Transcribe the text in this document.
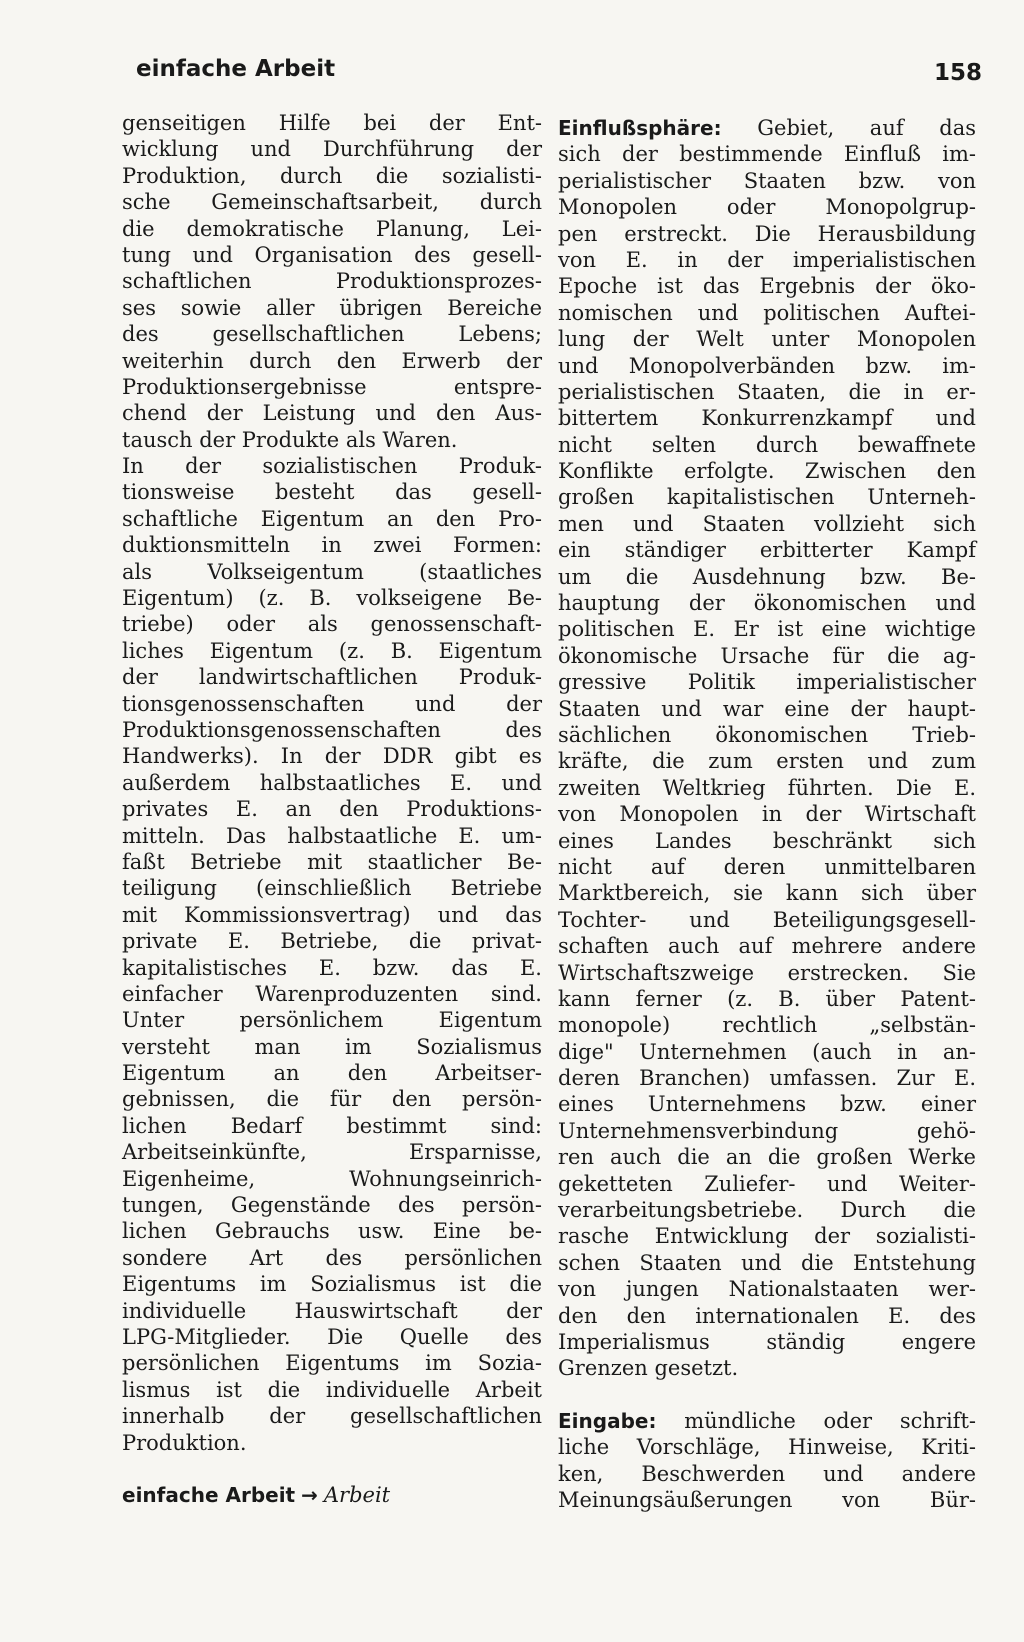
einfache Arbeit	158
genseitigen Hilfe bei der Ent-
wicklung und Durchführung der
Produktion, durch die sozialisti-
sche Gemeinschaftsarbeit, durch
die demokratische Planung, Lei-
tung und Organisation des gesell-
schaftlichen Produktionsprozes-
ses sowie aller übrigen Bereiche
des gesellschaftlichen Lebens;
weiterhin durch den Erwerb der
Produktionsergebnisse entspre-
chend der Leistung und den Aus-
tausch der Produkte als Waren.
In der sozialistischen Produk-
tionsweise besteht das gesell-
schaftliche Eigentum an den Pro-
duktionsmitteln in zwei Formen:
als Volkseigentum (staatliches
Eigentum) (z. B. volkseigene Be-
triebe) oder als genossenschaft-
liches Eigentum (z. B. Eigentum
der landwirtschaftlichen Produk-
tionsgenossenschaften und der
Produktionsgenossenschaften des
Handwerks). In der DDR gibt es
außerdem halbstaatliches E. und
privates E. an den Produktions-
mitteln. Das halbstaatliche E. um-
faßt Betriebe mit staatlicher Be-
teiligung (einschließlich Betriebe
mit Kommissionsvertrag) und das
private E. Betriebe, die privat-
kapitalistisches E. bzw. das E.
einfacher Warenproduzenten sind.
Unter persönlichem Eigentum
versteht man im Sozialismus
Eigentum an den Arbeitser-
gebnissen, die für den persön-
lichen Bedarf bestimmt sind:
Arbeitseinkünfte, Ersparnisse,
Eigenheime, Wohnungseinrich-
tungen, Gegenstände des persön-
lichen Gebrauchs usw. Eine be-
sondere Art des persönlichen
Eigentums im Sozialismus ist die
individuelle Hauswirtschaft der
LPG-Mitglieder. Die Quelle des
persönlichen Eigentums im Sozia-
lismus ist die individuelle Arbeit
innerhalb der gesellschaftlichen
Produktion.
einfache Arbeit → Arbeit
Einflußsphäre: Gebiet, auf das
sich der bestimmende Einfluß im-
perialistischer Staaten bzw. von
Monopolen oder Monopolgrup-
pen erstreckt. Die Herausbildung
von E. in der imperialistischen
Epoche ist das Ergebnis der öko-
nomischen und politischen Auftei-
lung der Welt unter Monopolen
und Monopolverbänden bzw. im-
perialistischen Staaten, die in er-
bittertem Konkurrenzkampf und
nicht selten durch bewaffnete
Konflikte erfolgte. Zwischen den
großen kapitalistischen Unterneh-
men und Staaten vollzieht sich
ein ständiger erbitterter Kampf
um die Ausdehnung bzw. Be-
hauptung der ökonomischen und
politischen E. Er ist eine wichtige
ökonomische Ursache für die ag-
gressive Politik imperialistischer
Staaten und war eine der haupt-
sächlichen ökonomischen Trieb-
kräfte, die zum ersten und zum
zweiten Weltkrieg führten. Die E.
von Monopolen in der Wirtschaft
eines Landes beschränkt sich
nicht auf deren unmittelbaren
Marktbereich, sie kann sich über
Tochter- und Beteiligungsgesell-
schaften auch auf mehrere andere
Wirtschaftszweige erstrecken. Sie
kann ferner (z. B. über Patent-
monopole) rechtlich „selbstän-
dige" Unternehmen (auch in an-
deren Branchen) umfassen. Zur E.
eines Unternehmens bzw. einer
Unternehmensverbindung gehö-
ren auch die an die großen Werke
geketteten Zuliefer- und Weiter-
verarbeitungsbetriebe. Durch die
rasche Entwicklung der sozialisti-
schen Staaten und die Entstehung
von jungen Nationalstaaten wer-
den den internationalen E. des
Imperialismus ständig engere
Grenzen gesetzt.
Eingabe: mündliche oder schrift-
liche Vorschläge, Hinweise, Kriti-
ken, Beschwerden und andere
Meinungsäußerungen von Bür-
